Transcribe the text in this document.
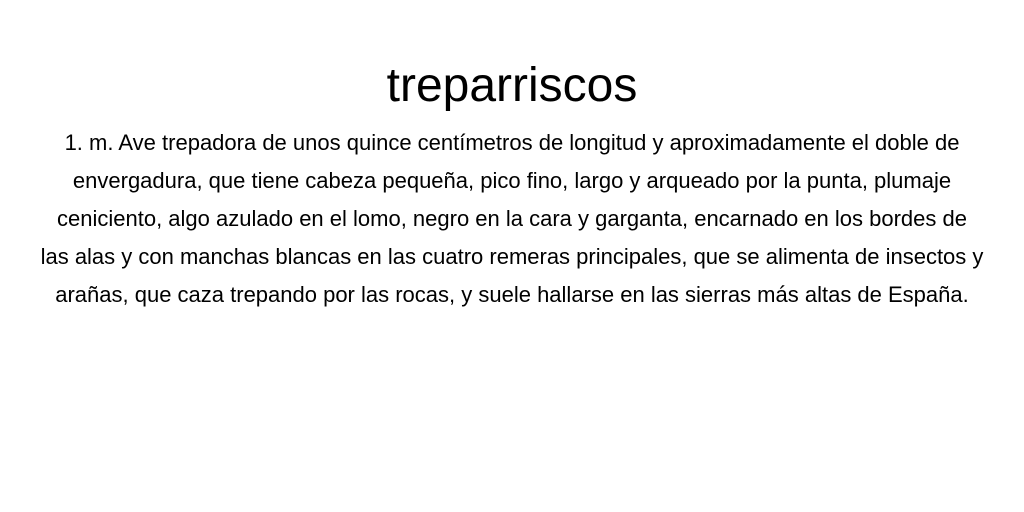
treparriscos

1. m. Ave trepadora de unos quince centímetros de longitud y aproximadamente el doble de envergadura, que tiene cabeza pequeña, pico fino, largo y arqueado por la punta, plumaje ceniciento, algo azulado en el lomo, negro en la cara y garganta, encarnado en los bordes de las alas y con manchas blancas en las cuatro remeras principales, que se alimenta de insectos y arañas, que caza trepando por las rocas, y suele hallarse en las sierras más altas de España.
